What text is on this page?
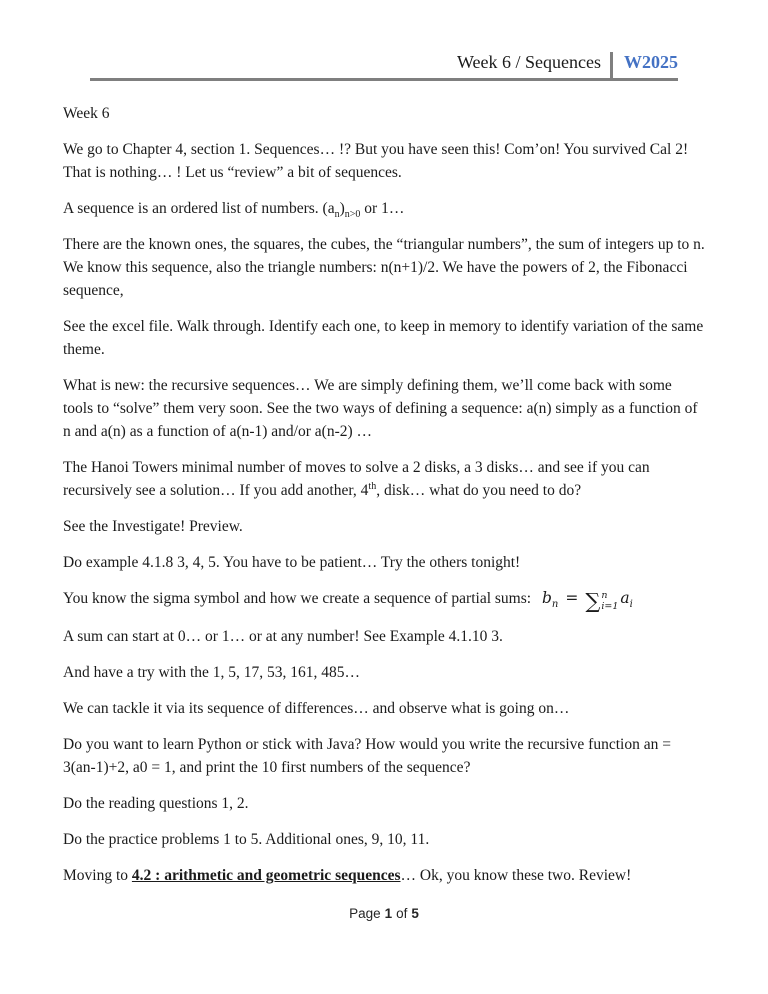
Week 6 / Sequences W2025

Week 6

We go to Chapter 4, section 1. Sequences… !? But you have seen this! Com’on! You survived Cal 2! That is nothing… ! Let us “review” a bit of sequences.

A sequence is an ordered list of numbers. $(a_n)_{n>0}$ or 1…

There are the known ones, the squares, the cubes, the “triangular numbers”, the sum of integers up to n. We know this sequence, also the triangle numbers: n(n+1)/2. We have the powers of 2, the Fibonacci sequence,

See the excel file. Walk through. Identify each one, to keep in memory to identify variation of the same theme.

What is new: the recursive sequences… We are simply defining them, we’ll come back with some tools to “solve” them very soon. See the two ways of defining a sequence: a(n) simply as a function of n and a(n) as a function of a(n-1) and/or a(n-2) …

The Hanoi Towers minimal number of moves to solve a 2 disks, a 3 disks… and see if you can recursively see a solution… If you add another, 4th, disk… what do you need to do?

See the Investigate! Preview.

Do example 4.1.8 3, 4, 5. You have to be patient… Try the others tonight!

You know the sigma symbol and how we create a sequence of partial sums: $b_n$ = ∑ n
i=1 $a_i$

A sum can start at 0… or 1… or at any number! See Example 4.1.10 3.

And have a try with the 1, 5, 17, 53, 161, 485…

We can tackle it via its sequence of differences… and observe what is going on…

Do you want to learn Python or stick with Java? How would you write the recursive function an = 3(an-1)+2, a0 = 1, and print the 10 first numbers of the sequence?

Do the reading questions 1, 2.

Do the practice problems 1 to 5. Additional ones, 9, 10, 11.

Moving to 4.2 : arithmetic and geometric sequences… Ok, you know these two. Review!

Page 1 of 5
